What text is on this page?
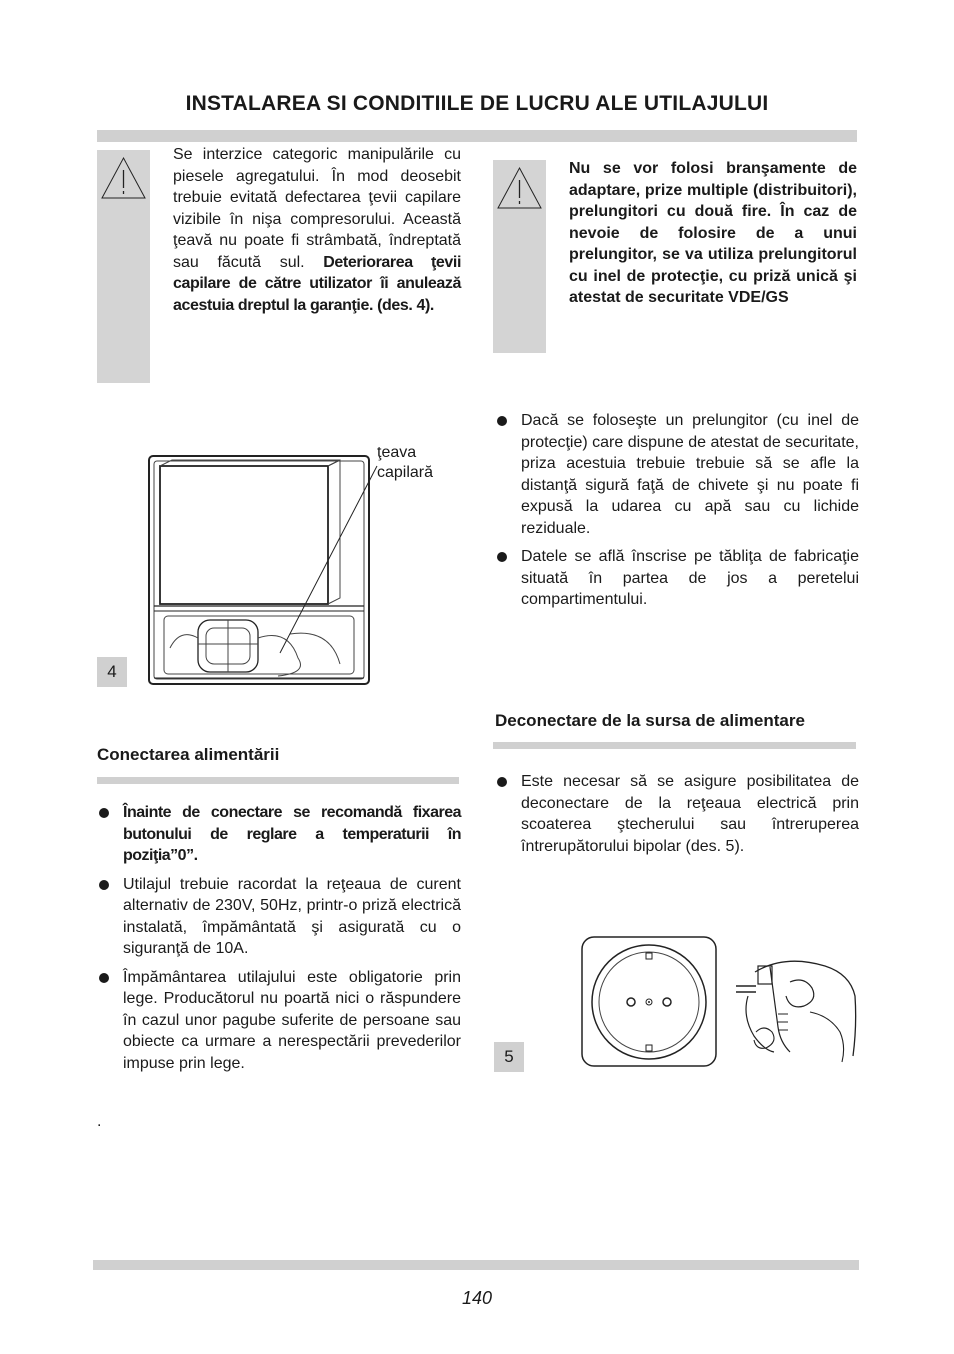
INSTALAREA SI CONDITIILE DE LUCRU ALE UTILAJULUI
Se interzice categoric manipulările cu piesele agregatului. În mod deosebit trebuie evitată defectarea ţevii capilare vizibile în nişa compresorului. Această ţeavă nu poate fi strâmbată, îndreptată sau făcută sul. Deteriorarea ţevii capilare de către utilizator îi anulează acestuia dreptul la garanţie. (des. 4).
Nu se vor folosi branşamente de adaptare, prize multiple (distribuitori), prelungitori cu două fire. În caz de nevoie de folosire de a unui prelungitor, se va utiliza prelungitorul cu inel de protecţie, cu priză unică şi atestat de securitate VDE/GS
ţeava capilară
4
Dacă se foloseşte un prelungitor (cu inel de protecţie) care dispune de atestat de securitate, priza acestuia trebuie trebuie să se afle la distanţă sigură faţă de chivete şi nu poate fi expusă la udarea cu apă sau cu lichide reziduale.
Datele se află înscrise pe tăbliţa de fabricaţie situată în partea de jos a peretelui compartimentului.
Conectarea alimentării
Înainte de conectare se recomandă fixarea butonului de reglare a temperaturii în poziţia”0”.
Utilajul trebuie racordat la reţeaua de curent alternativ de 230V, 50Hz, printr-o priză electrică instalată, împământată şi asigurată cu o siguranţă de 10A.
Împământarea utilajului este obligatorie prin lege. Producătorul nu poartă nici o răspundere în cazul unor pagube suferite de persoane sau obiecte ca urmare a nerespectării prevederilor impuse prin lege.
Deconectare de la sursa de alimentare
Este necesar să se asigure posibilitatea de deconectare de la reţeaua electrică prin scoaterea ştecherului sau întreruperea întrerupătorului bipolar (des. 5).
5
.
140
